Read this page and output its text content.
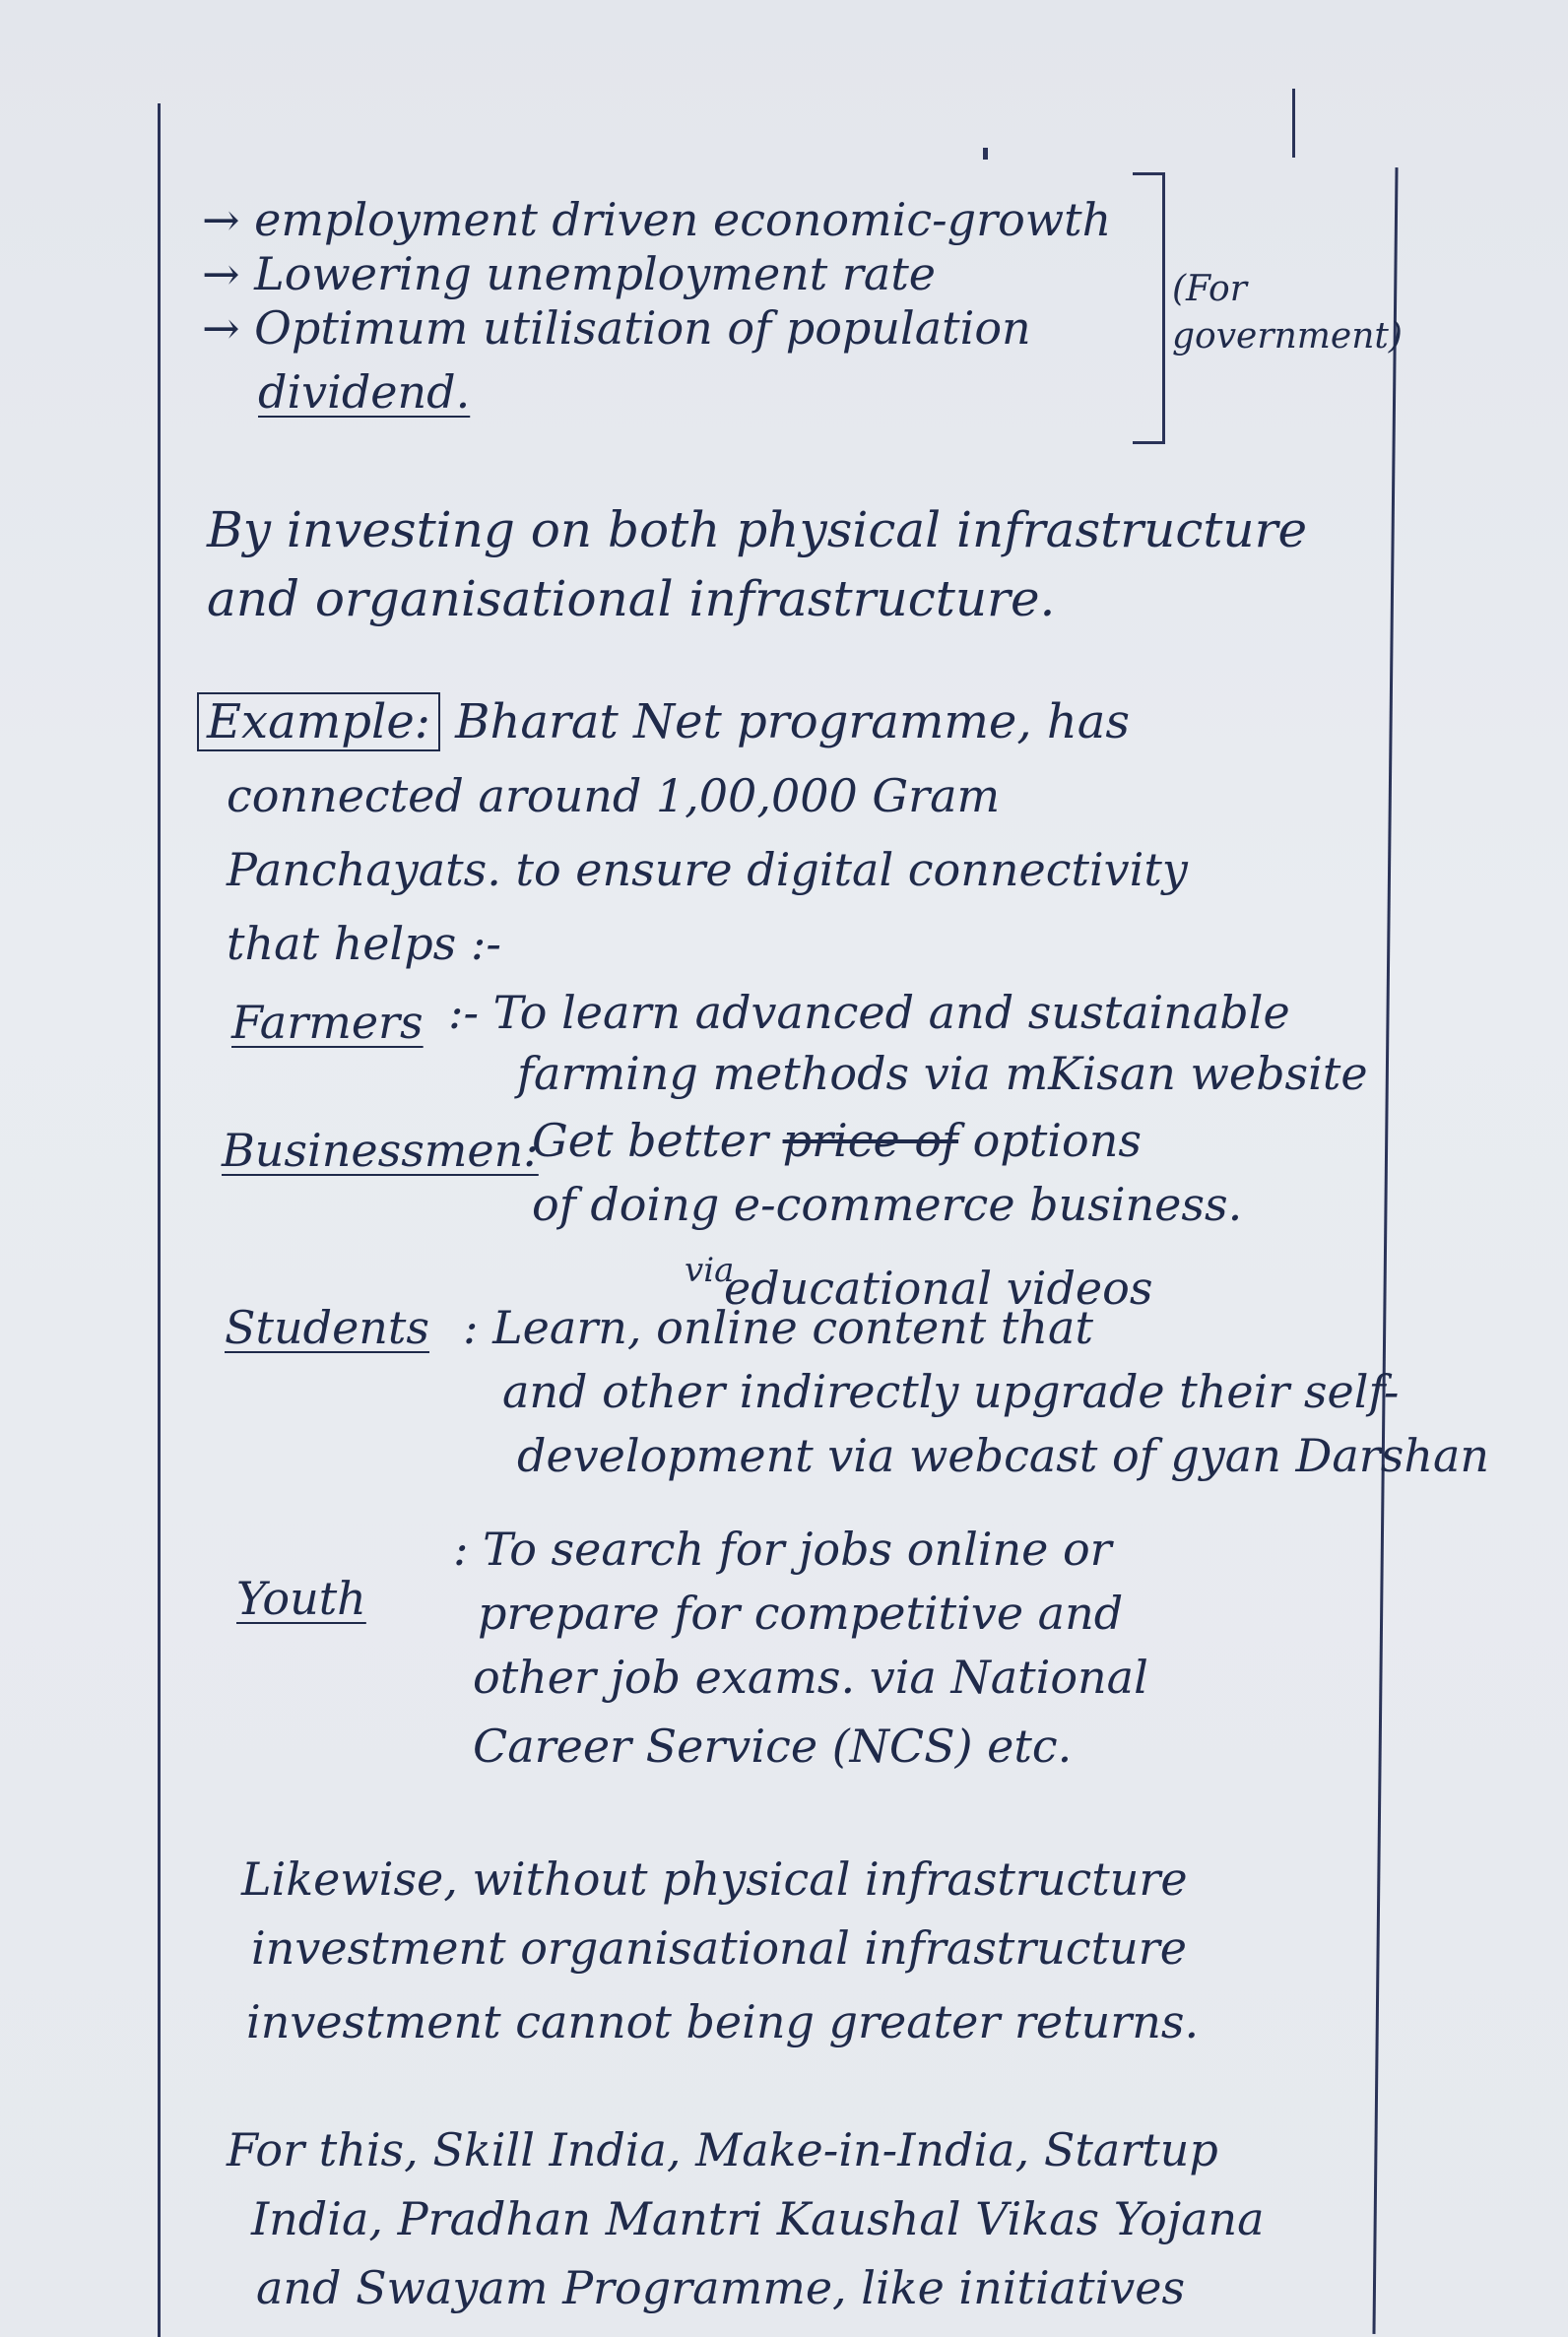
→ employment driven economic-growth
→ Lowering unemployment rate
→ Optimum utilisation of population
dividend.
(For government)
By investing on both physical infrastructure
and organisational infrastructure.
Example: Bharat Net programme, has
connected around 1,00,000 Gram
Panchayats. to ensure digital connectivity
that helps :-
Farmers :- To learn advanced and sustainable
farming methods via mKisan website
Businessmen:
Get better price of options
of doing e-commerce business.
via
educational videos
Students : Learn, online content that
and other indirectly upgrade their self-
development via webcast of gyan Darshan
Youth
: To search for jobs online or
prepare for competitive and
other job exams. via National
Career Service (NCS) etc.
Likewise, without physical infrastructure
investment organisational infrastructure
investment cannot being greater returns.
For this, Skill India, Make-in-India, Startup
India, Pradhan Mantri Kaushal Vikas Yojana
and Swayam Programme, like initiatives
